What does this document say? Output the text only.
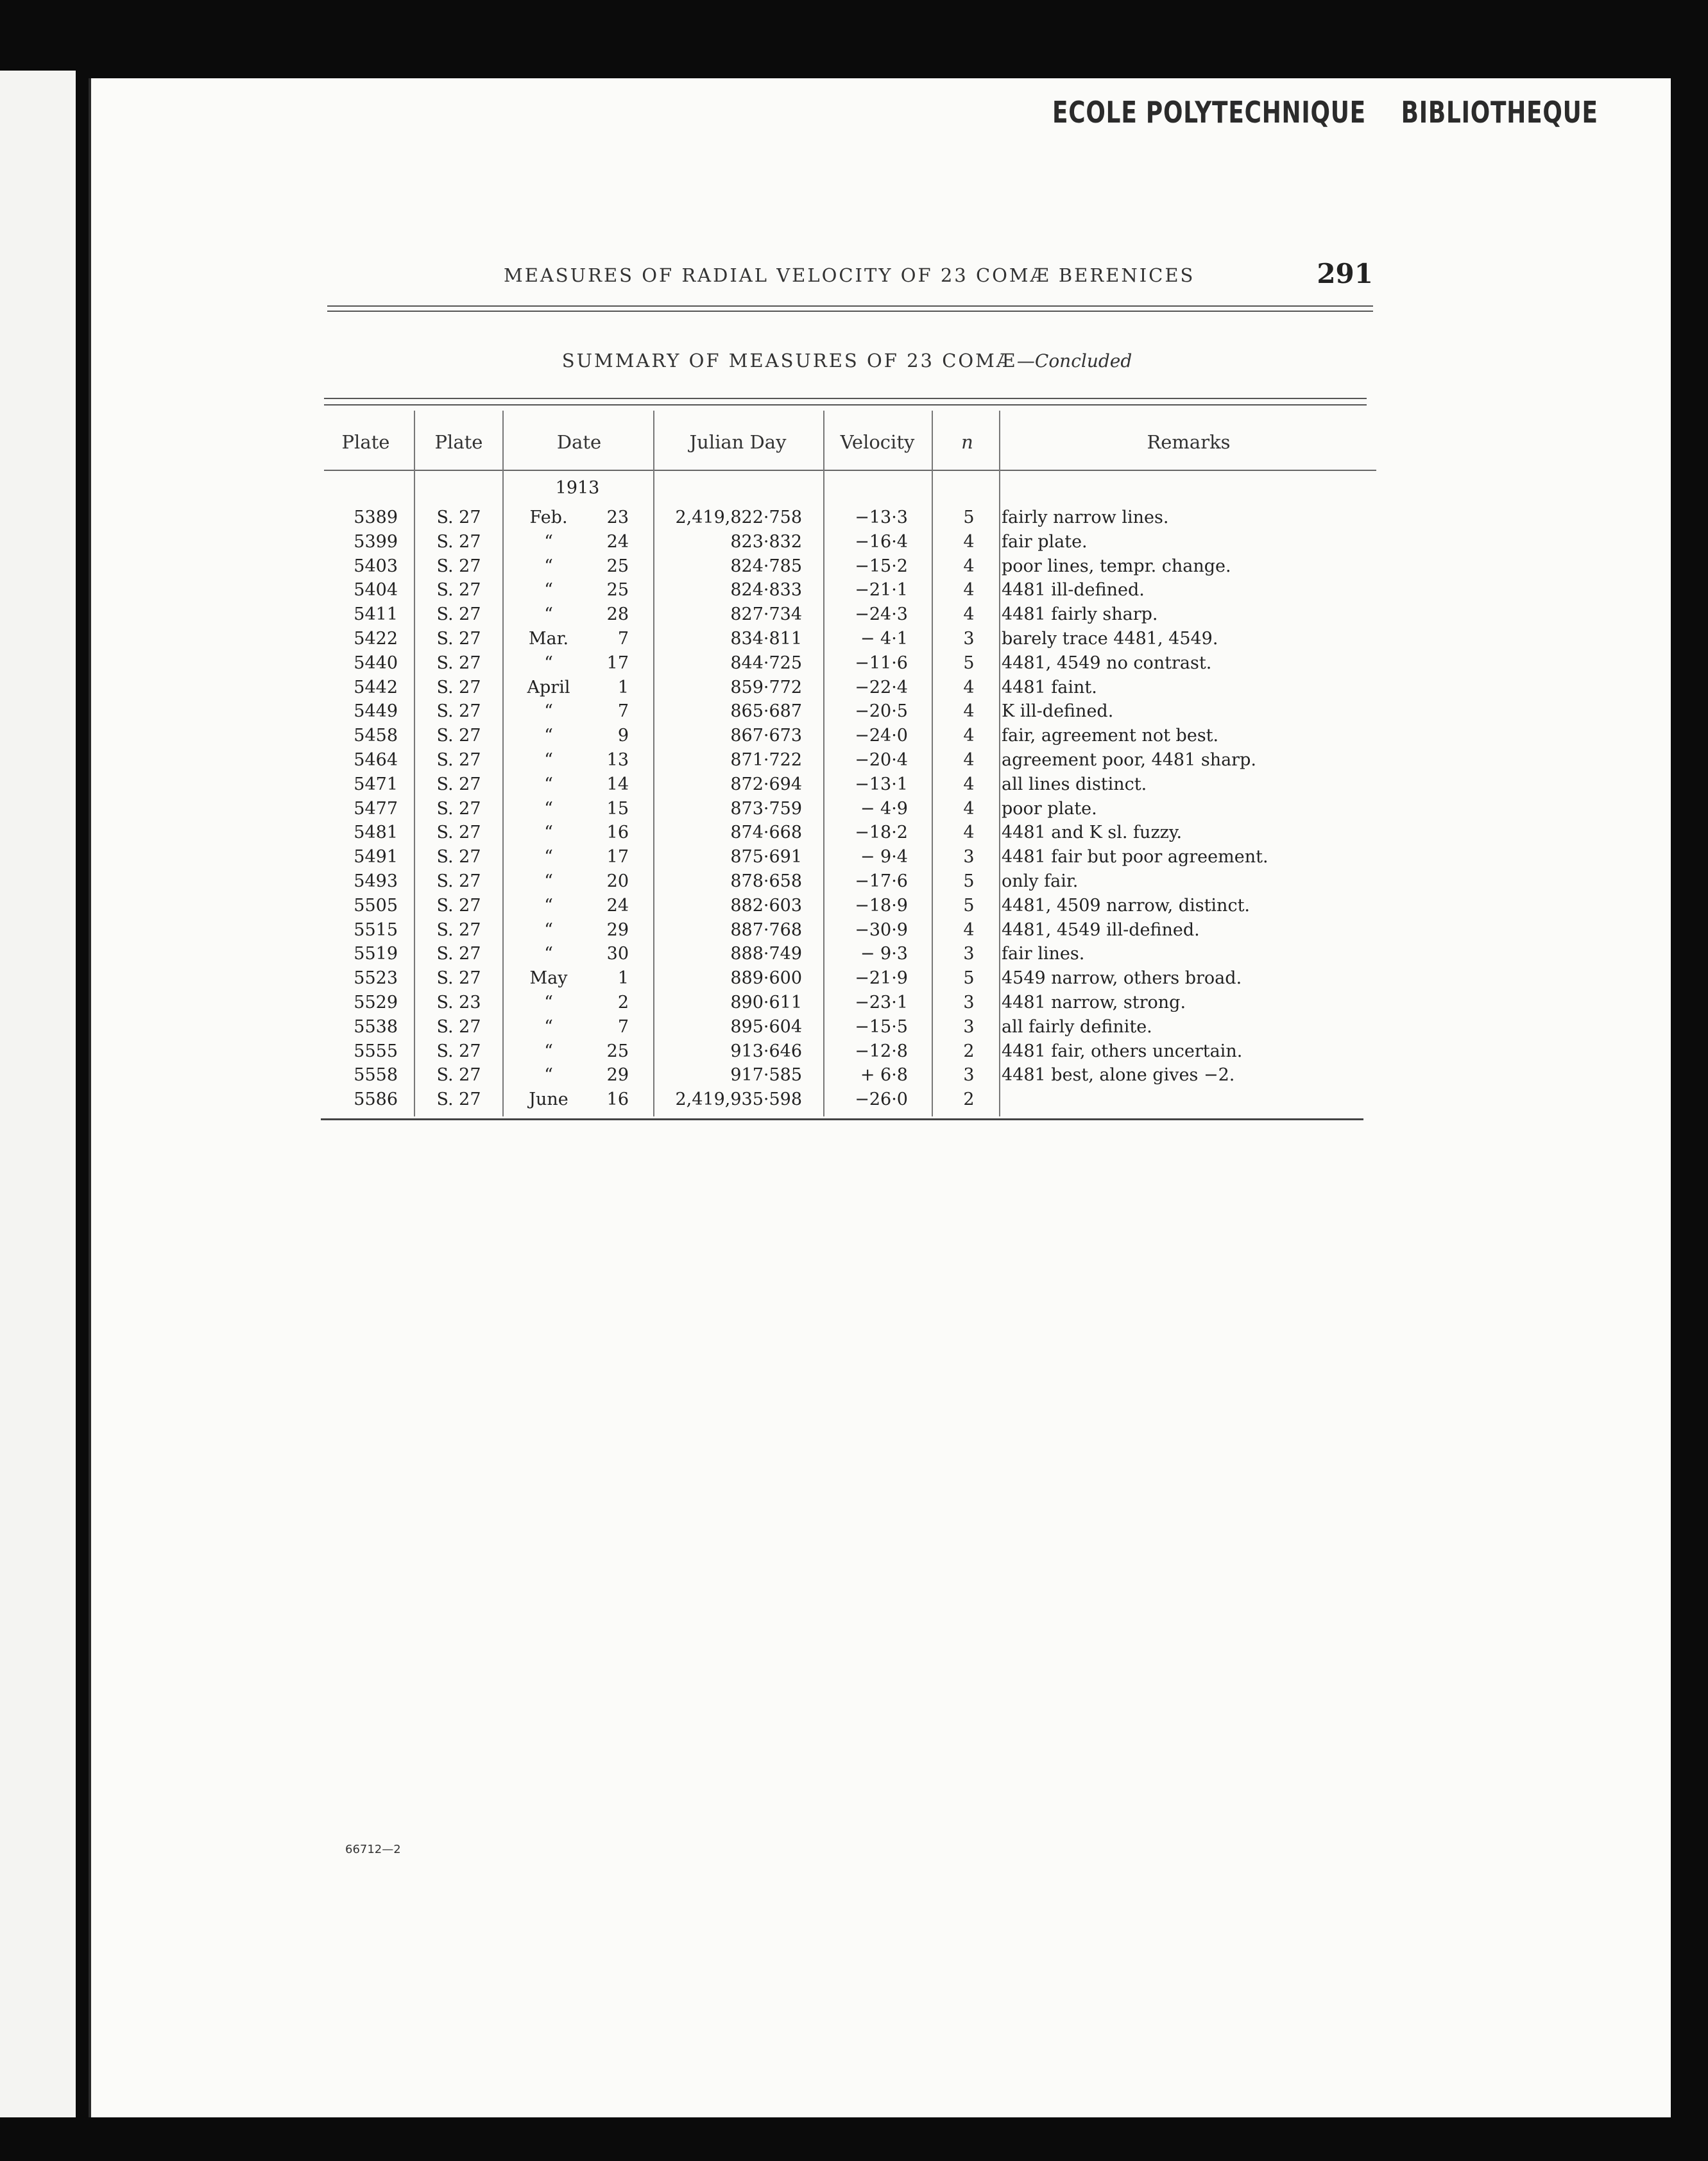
ECOLE POLYTECHNIQUE BIBLIOTHEQUE
MEASURES OF RADIAL VELOCITY OF 23 COMÆ BERENICES	291
SUMMARY OF MEASURES OF 23 COMÆ—Concluded
Plate	Plate	Date	Julian Day	Velocity	n	Remarks
1913
5389	S. 27	Feb.	23	2,419,822·758	−13·3	5	fairly narrow lines.
5399	S. 27	“	24	823·832	−16·4	4	fair plate.
5403	S. 27	“	25	824·785	−15·2	4	poor lines, tempr. change.
5404	S. 27	“	25	824·833	−21·1	4	4481 ill-defined.
5411	S. 27	“	28	827·734	−24·3	4	4481 fairly sharp.
5422	S. 27	Mar.	7	834·811	− 4·1	3	barely trace 4481, 4549.
5440	S. 27	“	17	844·725	−11·6	5	4481, 4549 no contrast.
5442	S. 27	April	1	859·772	−22·4	4	4481 faint.
5449	S. 27	“	7	865·687	−20·5	4	K ill-defined.
5458	S. 27	“	9	867·673	−24·0	4	fair, agreement not best.
5464	S. 27	“	13	871·722	−20·4	4	agreement poor, 4481 sharp.
5471	S. 27	“	14	872·694	−13·1	4	all lines distinct.
5477	S. 27	“	15	873·759	− 4·9	4	poor plate.
5481	S. 27	“	16	874·668	−18·2	4	4481 and K sl. fuzzy.
5491	S. 27	“	17	875·691	− 9·4	3	4481 fair but poor agreement.
5493	S. 27	“	20	878·658	−17·6	5	only fair.
5505	S. 27	“	24	882·603	−18·9	5	4481, 4509 narrow, distinct.
5515	S. 27	“	29	887·768	−30·9	4	4481, 4549 ill-defined.
5519	S. 27	“	30	888·749	− 9·3	3	fair lines.
5523	S. 27	May	1	889·600	−21·9	5	4549 narrow, others broad.
5529	S. 23	“	2	890·611	−23·1	3	4481 narrow, strong.
5538	S. 27	“	7	895·604	−15·5	3	all fairly definite.
5555	S. 27	“	25	913·646	−12·8	2	4481 fair, others uncertain.
5558	S. 27	“	29	917·585	+ 6·8	3	4481 best, alone gives −2.
5586	S. 27	June	16	2,419,935·598	−26·0	2
66712—2
